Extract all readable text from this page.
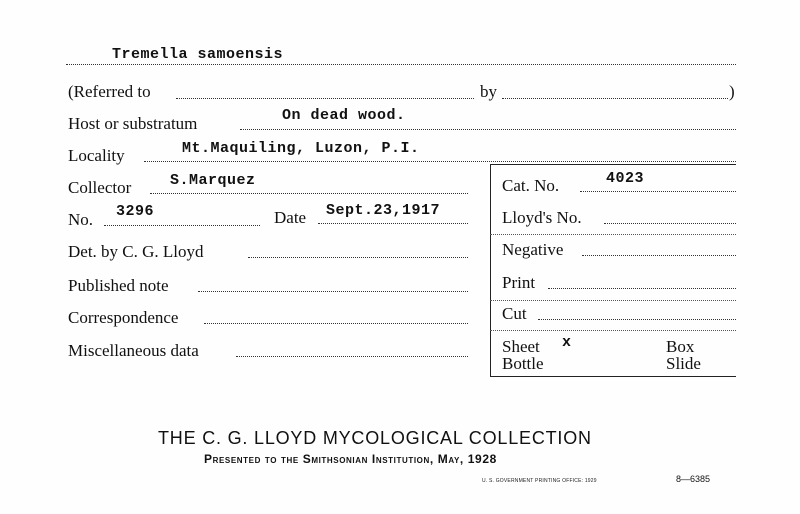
Tremella samoensis
(Referred to	by	)
Host or substratum	On dead wood.
Locality	Mt.Maquiling, Luzon, P.I.
Collector	S.Marquez
No. 3296	Date Sept.23,1917
Det. by C. G. Lloyd
Published note
Correspondence
Miscellaneous data
Cat. No.	4023
Lloyd's No.
Negative
Print
Cut
Sheet x	Box
Bottle	Slide
THE C. G. LLOYD MYCOLOGICAL COLLECTION
Presented to the Smithsonian Institution, May, 1928
U. S. GOVERNMENT PRINTING OFFICE: 1929	8—6385
